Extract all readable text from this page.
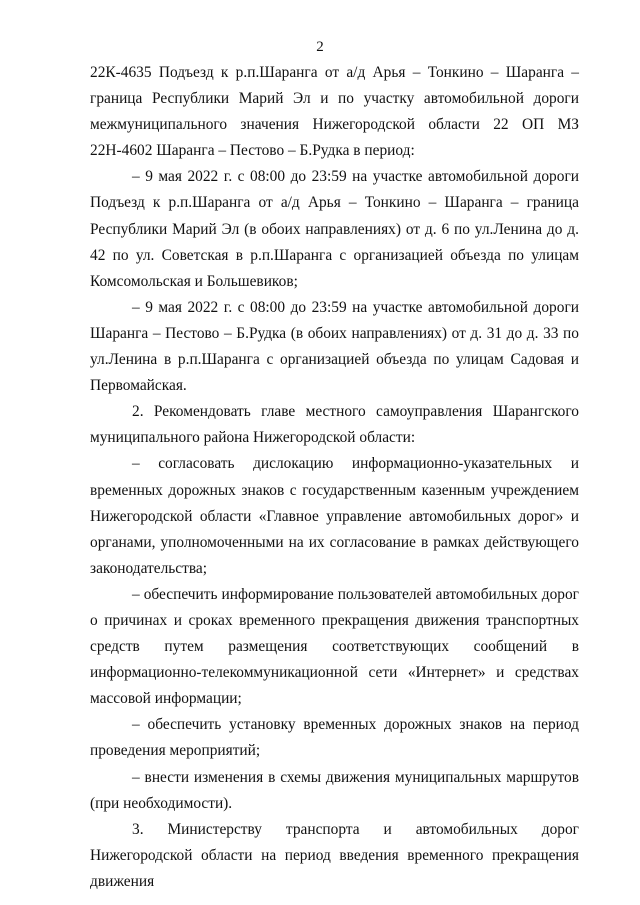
2

22К-4635 Подъезд к р.п.Шаранга от а/д Арья – Тонкино – Шаранга – граница Республики Марий Эл и по участку автомобильной дороги межмуниципального значения Нижегородской области 22 ОП МЗ 22Н-4602 Шаранга – Пестово – Б.Рудка в период:

– 9 мая 2022 г. с 08:00 до 23:59 на участке автомобильной дороги Подъезд к р.п.Шаранга от а/д Арья – Тонкино – Шаранга – граница Республики Марий Эл (в обоих направлениях) от д. 6 по ул.Ленина до д. 42 по ул. Советская в р.п.Шаранга с организацией объезда по улицам Комсомольская и Большевиков;

– 9 мая 2022 г. с 08:00 до 23:59 на участке автомобильной дороги Шаранга – Пестово – Б.Рудка (в обоих направлениях) от д. 31 до д. 33 по ул.Ленина в р.п.Шаранга с организацией объезда по улицам Садовая и Первомайская.

2. Рекомендовать главе местного самоуправления Шарангского муниципального района Нижегородской области:

– согласовать дислокацию информационно-указательных и временных дорожных знаков с государственным казенным учреждением Нижегородской области «Главное управление автомобильных дорог» и органами, уполномоченными на их согласование в рамках действующего законодательства;

– обеспечить информирование пользователей автомобильных дорог о причинах и сроках временного прекращения движения транспортных средств путем размещения соответствующих сообщений в информационно-телекоммуникационной сети «Интернет» и средствах массовой информации;

– обеспечить установку временных дорожных знаков на период проведения мероприятий;

– внести изменения в схемы движения муниципальных маршрутов (при необходимости).

3. Министерству транспорта и автомобильных дорог Нижегородской области на период введения временного прекращения движения
